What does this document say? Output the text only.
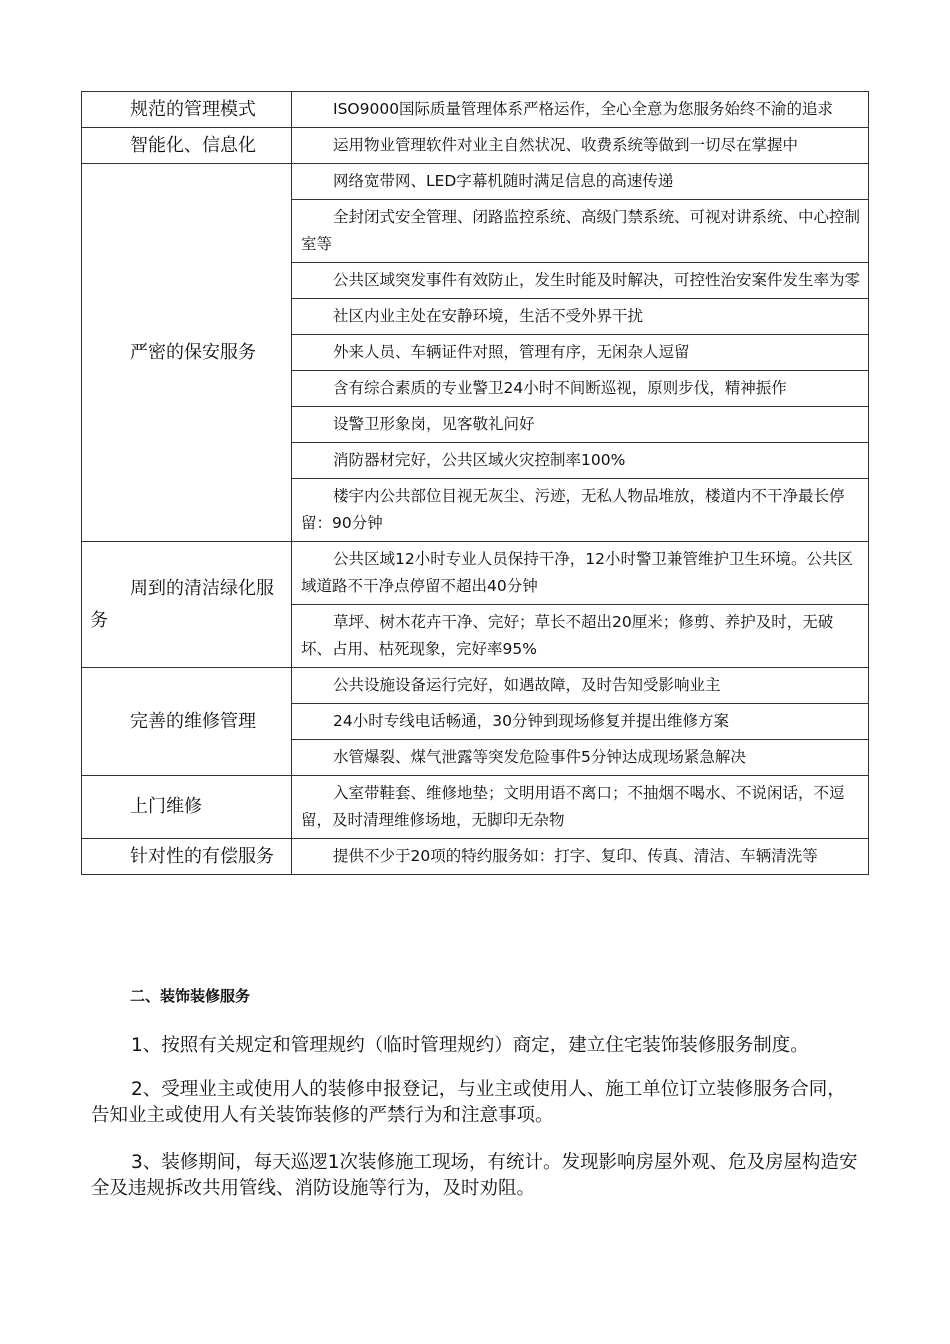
规范的管理模式	ISO9000国际质量管理体系严格运作，全心全意为您服务始终不渝的追求
智能化、信息化	运用物业管理软件对业主自然状况、收费系统等做到一切尽在掌握中
严密的保安服务	网络宽带网、LED字幕机随时满足信息的高速传递
	全封闭式安全管理、闭路监控系统、高级门禁系统、可视对讲系统、中心控制室等
	公共区域突发事件有效防止，发生时能及时解决，可控性治安案件发生率为零
	社区内业主处在安静环境，生活不受外界干扰
	外来人员、车辆证件对照，管理有序，无闲杂人逗留
	含有综合素质的专业警卫24小时不间断巡视，原则步伐，精神振作
	设警卫形象岗，见客敬礼问好
	消防器材完好，公共区域火灾控制率100%
	楼宇内公共部位目视无灰尘、污迹，无私人物品堆放，楼道内不干净最长停留：90分钟
周到的清洁绿化服务	公共区域12小时专业人员保持干净，12小时警卫兼管维护卫生环境。公共区域道路不干净点停留不超出40分钟
	草坪、树木花卉干净、完好；草长不超出20厘米；修剪、养护及时，无破坏、占用、枯死现象，完好率95%
完善的维修管理	公共设施设备运行完好，如遇故障，及时告知受影响业主
	24小时专线电话畅通，30分钟到现场修复并提出维修方案
	水管爆裂、煤气泄露等突发危险事件5分钟达成现场紧急解决
上门维修	入室带鞋套、维修地垫；文明用语不离口；不抽烟不喝水、不说闲话，不逗留，及时清理维修场地，无脚印无杂物
针对性的有偿服务	提供不少于20项的特约服务如：打字、复印、传真、清洁、车辆清洗等
二、装饰装修服务

1、按照有关规定和管理规约（临时管理规约）商定，建立住宅装饰装修服务制度。

2、受理业主或使用人的装修申报登记，与业主或使用人、施工单位订立装修服务合同，告知业主或使用人有关装饰装修的严禁行为和注意事项。

3、装修期间，每天巡逻1次装修施工现场，有统计。发现影响房屋外观、危及房屋构造安全及违规拆改共用管线、消防设施等行为，及时劝阻。
